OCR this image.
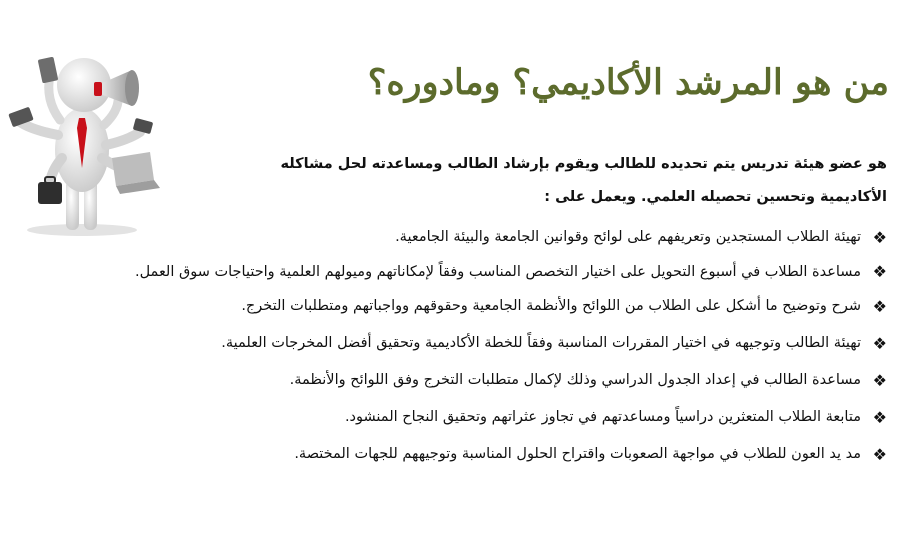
من هو المرشد الأكاديمي؟ ومادوره؟
هو عضو هيئة تدريس يتم تحديده للطالب ويقوم بإرشاد الطالب ومساعدته لحل مشاكله
الأكاديمية وتحسين تحصيله العلمي. ويعمل على :
❖
تهيئة الطلاب المستجدين وتعريفهم على لوائح وقوانين الجامعة والبيئة الجامعية.
❖
مساعدة الطلاب في أسبوع التحويل على اختيار التخصص المناسب وفقاً لإمكاناتهم وميولهم العلمية واحتياجات سوق العمل.
❖
شرح وتوضيح ما أشكل على الطلاب من اللوائح والأنظمة الجامعية وحقوقهم وواجباتهم ومتطلبات التخرج.
❖
تهيئة الطالب وتوجيهه في اختيار المقررات المناسبة وفقاً للخطة الأكاديمية وتحقيق أفضل المخرجات العلمية.
❖
مساعدة الطالب في إعداد الجدول الدراسي وذلك لإكمال متطلبات التخرج وفق اللوائح والأنظمة.
❖
متابعة الطلاب المتعثرين دراسياً ومساعدتهم في تجاوز عثراتهم وتحقيق النجاح المنشود.
❖
مد يد العون للطلاب في مواجهة الصعوبات واقتراح الحلول المناسبة وتوجيههم للجهات المختصة.
